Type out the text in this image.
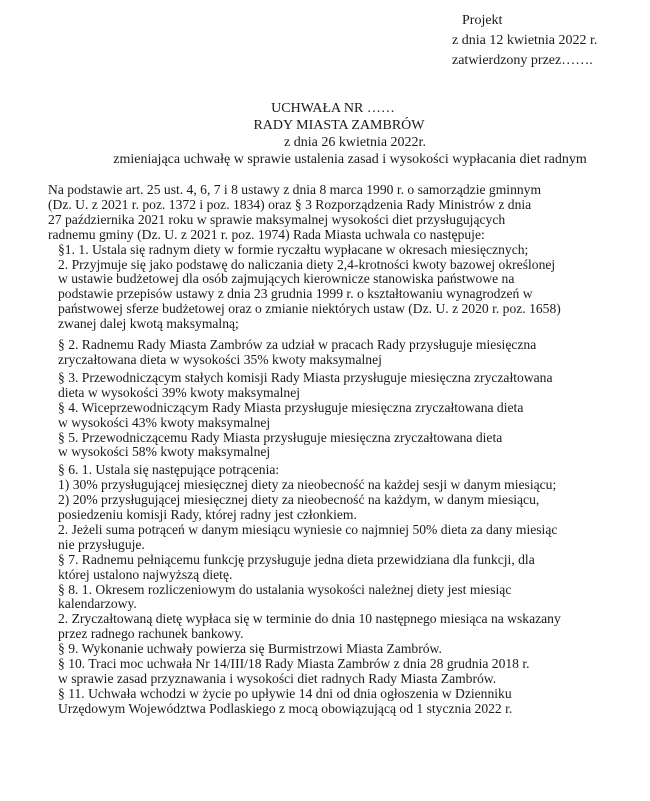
Projekt
z dnia 12 kwietnia 2022 r.
zatwierdzony przez…….
UCHWAŁA NR ……
RADY MIASTA ZAMBRÓW
z dnia 26 kwietnia 2022r.
zmieniająca uchwałę w sprawie ustalenia zasad i wysokości wypłacania diet radnym
Na podstawie art. 25 ust. 4, 6, 7 i 8 ustawy z dnia 8 marca 1990 r. o samorządzie gminnym
(Dz. U. z 2021 r. poz. 1372 i poz. 1834) oraz § 3 Rozporządzenia Rady Ministrów z dnia
27 października 2021 roku w sprawie maksymalnej wysokości diet przysługujących
radnemu gminy (Dz. U. z 2021 r. poz. 1974) Rada Miasta uchwala co następuje:
§1. 1. Ustala się radnym diety w formie ryczałtu wypłacane w okresach miesięcznych;
2. Przyjmuje się jako podstawę do naliczania diety 2,4-krotności kwoty bazowej określonej
w ustawie budżetowej dla osób zajmujących kierownicze stanowiska państwowe na
podstawie przepisów ustawy z dnia 23 grudnia 1999 r. o kształtowaniu wynagrodzeń w
państwowej sferze budżetowej oraz o zmianie niektórych ustaw (Dz. U. z 2020 r. poz. 1658)
zwanej dalej kwotą maksymalną;
§ 2. Radnemu Rady Miasta Zambrów za udział w pracach Rady przysługuje miesięczna
zryczałtowana dieta w wysokości 35% kwoty maksymalnej
§ 3. Przewodniczącym stałych komisji Rady Miasta przysługuje miesięczna zryczałtowana
dieta w wysokości 39% kwoty maksymalnej
§ 4. Wiceprzewodniczącym Rady Miasta przysługuje miesięczna zryczałtowana dieta
w wysokości 43% kwoty maksymalnej
§ 5. Przewodniczącemu Rady Miasta przysługuje miesięczna zryczałtowana dieta
w wysokości 58% kwoty maksymalnej
§ 6. 1. Ustala się następujące potrącenia:
1) 30% przysługującej miesięcznej diety za nieobecność na każdej sesji w danym miesiącu;
2) 20% przysługującej miesięcznej diety za nieobecność na każdym, w danym miesiącu,
posiedzeniu komisji Rady, której radny jest członkiem.
2. Jeżeli suma potrąceń w danym miesiącu wyniesie co najmniej 50% dieta za dany miesiąc
nie przysługuje.
§ 7. Radnemu pełniącemu funkcję przysługuje jedna dieta przewidziana dla funkcji, dla
której ustalono najwyższą dietę.
§ 8. 1. Okresem rozliczeniowym do ustalania wysokości należnej diety jest miesiąc
kalendarzowy.
2. Zryczałtowaną dietę wypłaca się w terminie do dnia 10 następnego miesiąca na wskazany
przez radnego rachunek bankowy.
§ 9. Wykonanie uchwały powierza się Burmistrzowi Miasta Zambrów.
§ 10. Traci moc uchwała Nr 14/III/18 Rady Miasta Zambrów z dnia 28 grudnia 2018 r.
w sprawie zasad przyznawania i wysokości diet radnych Rady Miasta Zambrów.
§ 11. Uchwała wchodzi w życie po upływie 14 dni od dnia ogłoszenia w Dzienniku
Urzędowym Województwa Podlaskiego z mocą obowiązującą od 1 stycznia 2022 r.
